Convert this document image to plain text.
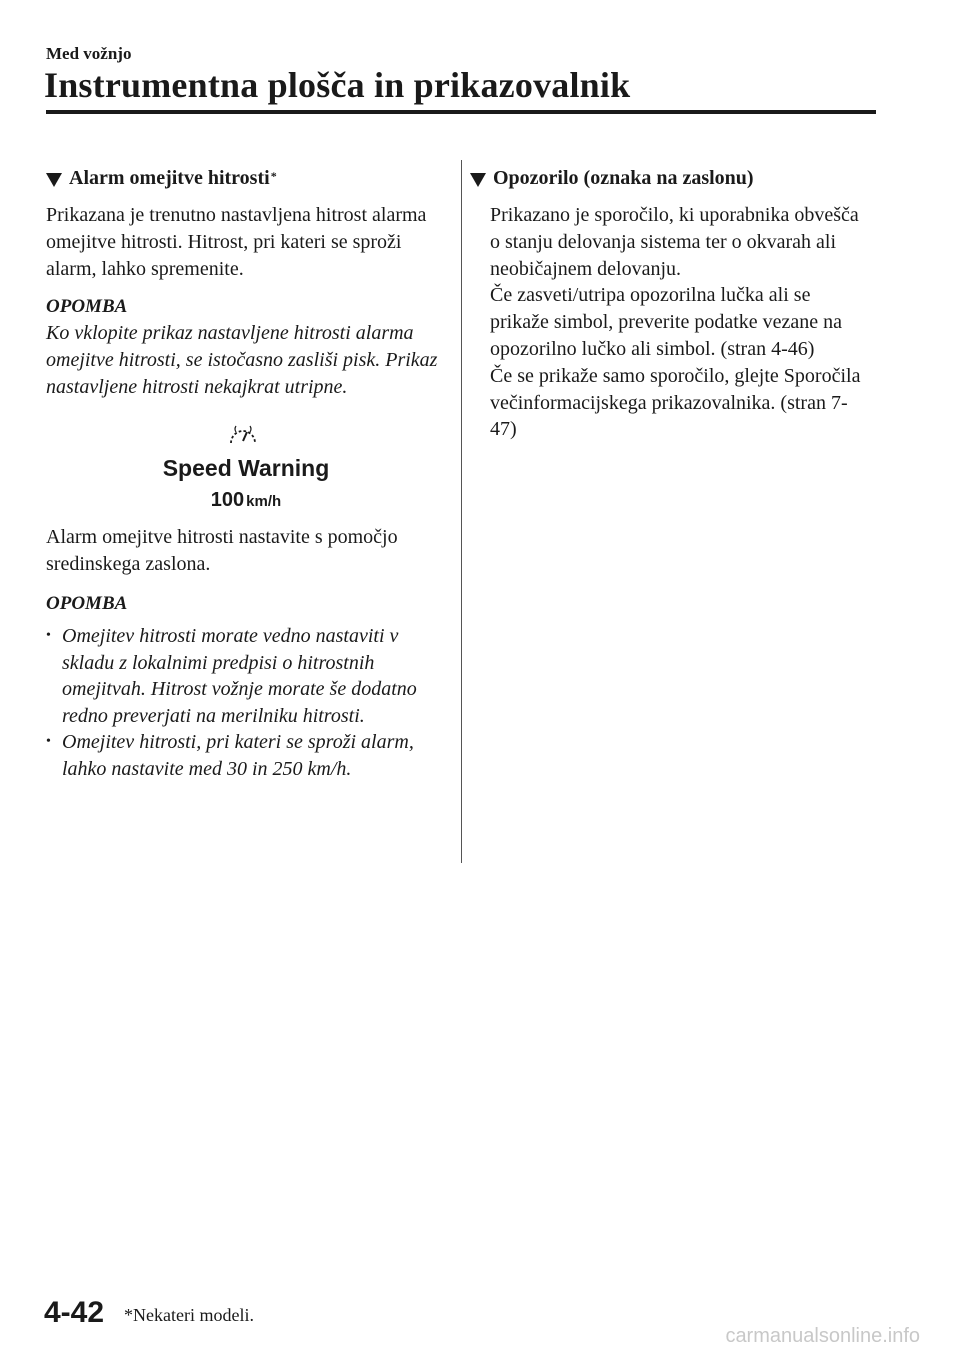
Med vožnjo
Instrumentna plošča in prikazovalnik
Alarm omejitve hitrosti*

Prikazana je trenutno nastavljena hitrost alarma omejitve hitrosti. Hitrost, pri kateri se sproži alarm, lahko spremenite.

OPOMBA

Ko vklopite prikaz nastavljene hitrosti alarma omejitve hitrosti, se istočasno zasliši pisk. Prikaz nastavljene hitrosti nekajkrat utripne.

Speed Warning
100 km/h

Alarm omejitve hitrosti nastavite s pomočjo sredinskega zaslona.

OPOMBA
• Omejitev hitrosti morate vedno nastaviti v skladu z lokalnimi predpisi o hitrostnih omejitvah. Hitrost vožnje morate še dodatno redno preverjati na merilniku hitrosti.
• Omejitev hitrosti, pri kateri se sproži alarm, lahko nastavite med 30 in 250 km/h.
Opozorilo (oznaka na zaslonu)

Prikazano je sporočilo, ki uporabnika obvešča o stanju delovanja sistema ter o okvarah ali neobičajnem delovanju.

Če zasveti/utripa opozorilna lučka ali se prikaže simbol, preverite podatke vezane na opozorilno lučko ali simbol. (stran 4-46)

Če se prikaže samo sporočilo, glejte Sporočila večinformacijskega prikazovalnika. (stran 7-47)

4-42 *Nekateri modeli.
carmanualsonline.info
